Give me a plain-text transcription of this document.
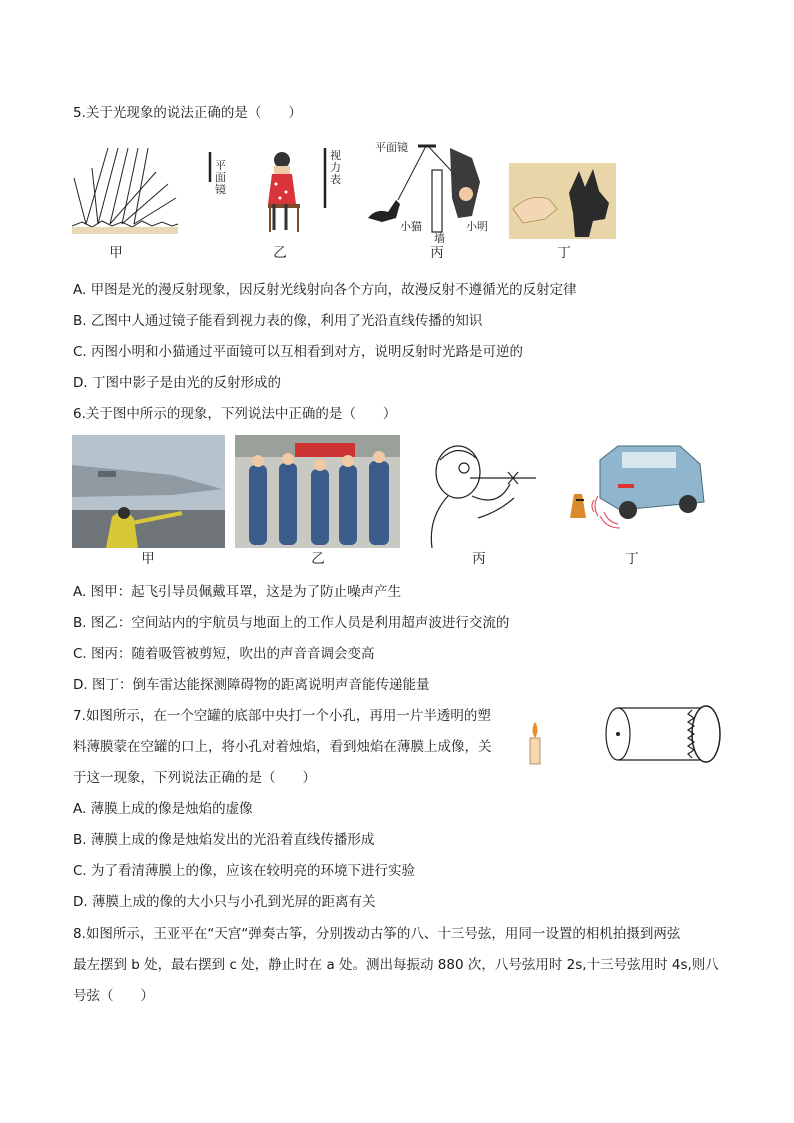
5.关于光现象的说法正确的是（　　）
甲
平面镜
视力表
乙
平面镜
小猫
墙
小明
丙	丁
A. 甲图是光的漫反射现象，因反射光线射向各个方向，故漫反射不遵循光的反射定律
B. 乙图中人通过镜子能看到视力表的像，利用了光沿直线传播的知识
C. 丙图小明和小猫通过平面镜可以互相看到对方，说明反射时光路是可逆的
D. 丁图中影子是由光的反射形成的
6.关于图中所示的现象，下列说法中正确的是（　　）
甲	乙	丙	丁
A. 图甲：起飞引导员佩戴耳罩，这是为了防止噪声产生
B. 图乙：空间站内的宇航员与地面上的工作人员是利用超声波进行交流的
C. 图丙：随着吸管被剪短，吹出的声音音调会变高
D. 图丁：倒车雷达能探测障碍物的距离说明声音能传递能量
7.如图所示，在一个空罐的底部中央打一个小孔，再用一片半透明的塑
料薄膜蒙在空罐的口上，将小孔对着烛焰，看到烛焰在薄膜上成像，关
于这一现象，下列说法正确的是（　　）
A. 薄膜上成的像是烛焰的虚像
B. 薄膜上成的像是烛焰发出的光沿着直线传播形成
C. 为了看清薄膜上的像，应该在较明亮的环境下进行实验
D. 薄膜上成的像的大小只与小孔到光屏的距离有关
8.如图所示，王亚平在“天宫“弹奏古筝，分别拨动古筝的八、十三号弦，用同一设置的相机拍摄到两弦
最左摆到 b 处，最右摆到 c 处，静止时在 a 处。测出每振动 880 次，八号弦用时 2s,十三号弦用时 4s,则八
号弦（　　）
